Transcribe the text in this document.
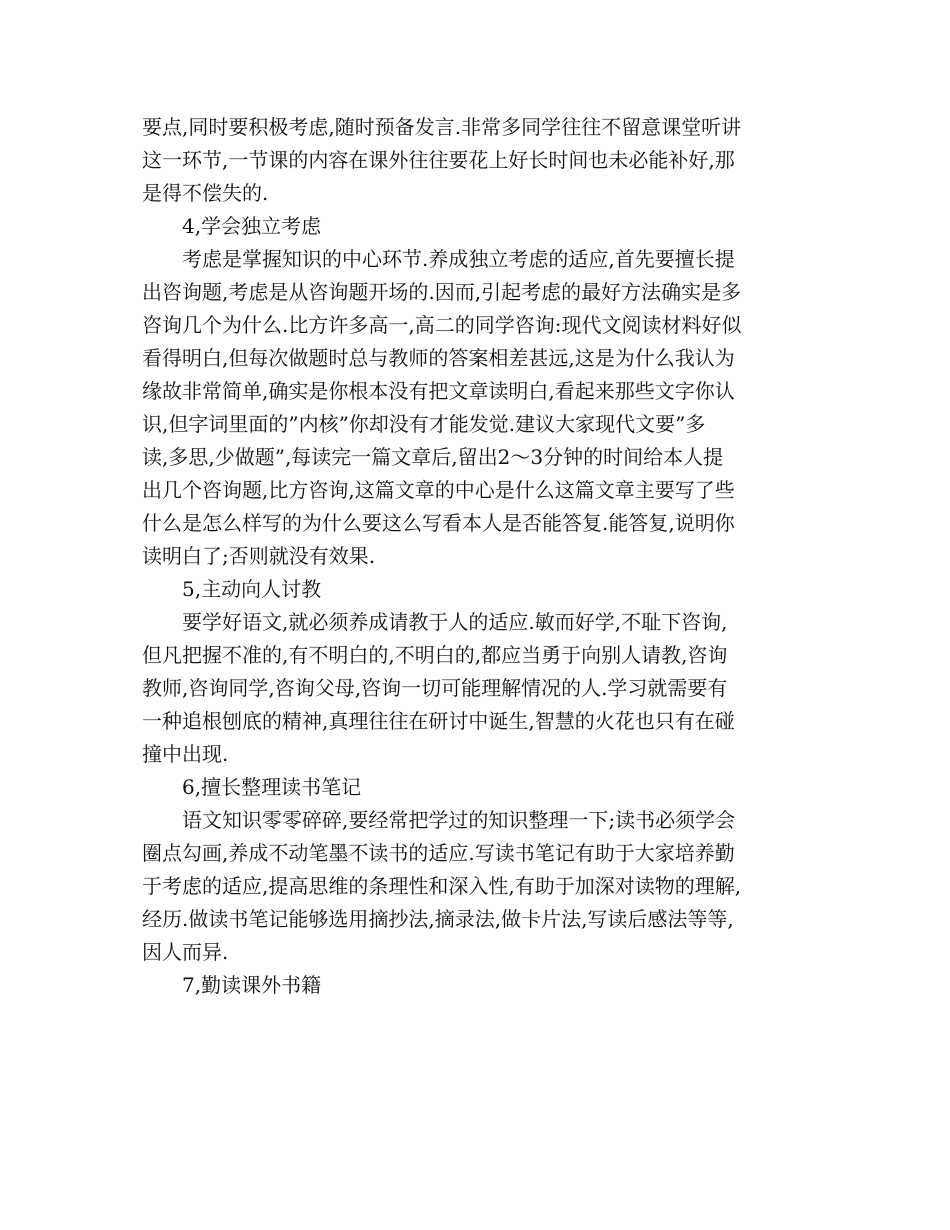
要点,同时要积极考虑,随时预备发言.非常多同学往往不留意课堂听讲
这一环节,一节课的内容在课外往往要花上好长时间也未必能补好,那
是得不偿失的.

4,学会独立考虑

考虑是掌握知识的中心环节.养成独立考虑的适应,首先要擅长提
出咨询题,考虑是从咨询题开场的.因而,引起考虑的最好方法确实是多
咨询几个为什么.比方许多高一,高二的同学咨询:现代文阅读材料好似
看得明白,但每次做题时总与教师的答案相差甚远,这是为什么我认为
缘故非常简单,确实是你根本没有把文章读明白,看起来那些文字你认
识,但字词里面的”内核”你却没有才能发觉.建议大家现代文要”多
读,多思,少做题”,每读完一篇文章后,留出2～3分钟的时间给本人提
出几个咨询题,比方咨询,这篇文章的中心是什么这篇文章主要写了些
什么是怎么样写的为什么要这么写看本人是否能答复.能答复,说明你
读明白了;否则就没有效果.

5,主动向人讨教

要学好语文,就必须养成请教于人的适应.敏而好学,不耻下咨询,
但凡把握不准的,有不明白的,不明白的,都应当勇于向别人请教,咨询
教师,咨询同学,咨询父母,咨询一切可能理解情况的人.学习就需要有
一种追根刨底的精神,真理往往在研讨中诞生,智慧的火花也只有在碰
撞中出现.

6,擅长整理读书笔记

语文知识零零碎碎,要经常把学过的知识整理一下;读书必须学会
圈点勾画,养成不动笔墨不读书的适应.写读书笔记有助于大家培养勤
于考虑的适应,提高思维的条理性和深入性,有助于加深对读物的理解,
经历.做读书笔记能够选用摘抄法,摘录法,做卡片法,写读后感法等等,
因人而异.

7,勤读课外书籍
